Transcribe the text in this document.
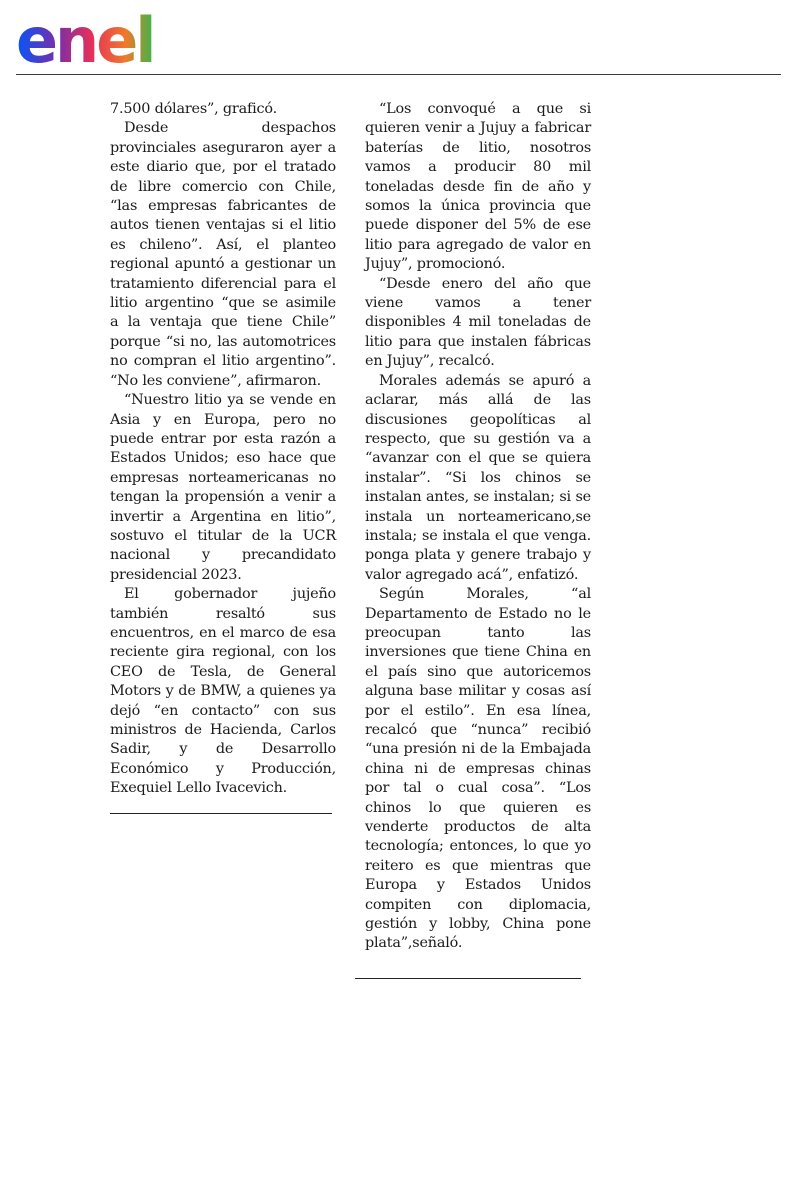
enel

7.500 dólares”, graficó.

Desde despachos provinciales aseguraron ayer a este diario que, por el tratado de libre comercio con Chile, “las empresas fabricantes de autos tienen ventajas si el litio es chileno”. Así, el planteo regional apuntó a gestionar un tratamiento diferencial para el litio argentino “que se asimile a la ventaja que tiene Chile” porque “si no, las automotrices no compran el litio argentino”. “No les conviene”, afirmaron.

“Nuestro litio ya se vende en Asia y en Europa, pero no puede entrar por esta razón a Estados Unidos; eso hace que empresas norteamericanas no tengan la propensión a venir a invertir a Argentina en litio”, sostuvo el titular de la UCR nacional y precandidato presidencial 2023.

El gobernador jujeño también resaltó sus encuentros, en el marco de esa reciente gira regional, con los CEO de Tesla, de General Motors y de BMW, a quienes ya dejó “en contacto” con sus ministros de Hacienda, Carlos Sadir, y de Desarrollo Económico y Producción, Exequiel Lello Ivacevich.

“Los convoqué a que si quieren venir a Jujuy a fabricar baterías de litio, nosotros vamos a producir 80 mil toneladas desde fin de año y somos la única provincia que puede disponer del 5% de ese litio para agregado de valor en Jujuy”, promocionó.

“Desde enero del año que viene vamos a tener disponibles 4 mil toneladas de litio para que instalen fábricas en Jujuy”, recalcó.

Morales además se apuró a aclarar, más allá de las discusiones geopolíticas al respecto, que su gestión va a “avanzar con el que se quiera instalar”. “Si los chinos se instalan antes, se instalan; si se instala un norteamericano,se instala; se instala el que venga. ponga plata y genere trabajo y valor agregado acá”, enfatizó.

Según Morales, “al Departamento de Estado no le preocupan tanto las inversiones que tiene China en el país sino que autoricemos alguna base militar y cosas así por el estilo”. En esa línea, recalcó que “nunca” recibió “una presión ni de la Embajada china ni de empresas chinas por tal o cual cosa”. “Los chinos lo que quieren es venderte productos de alta tecnología; entonces, lo que yo reitero es que mientras que Europa y Estados Unidos compiten con diplomacia, gestión y lobby, China pone plata”,señaló.
